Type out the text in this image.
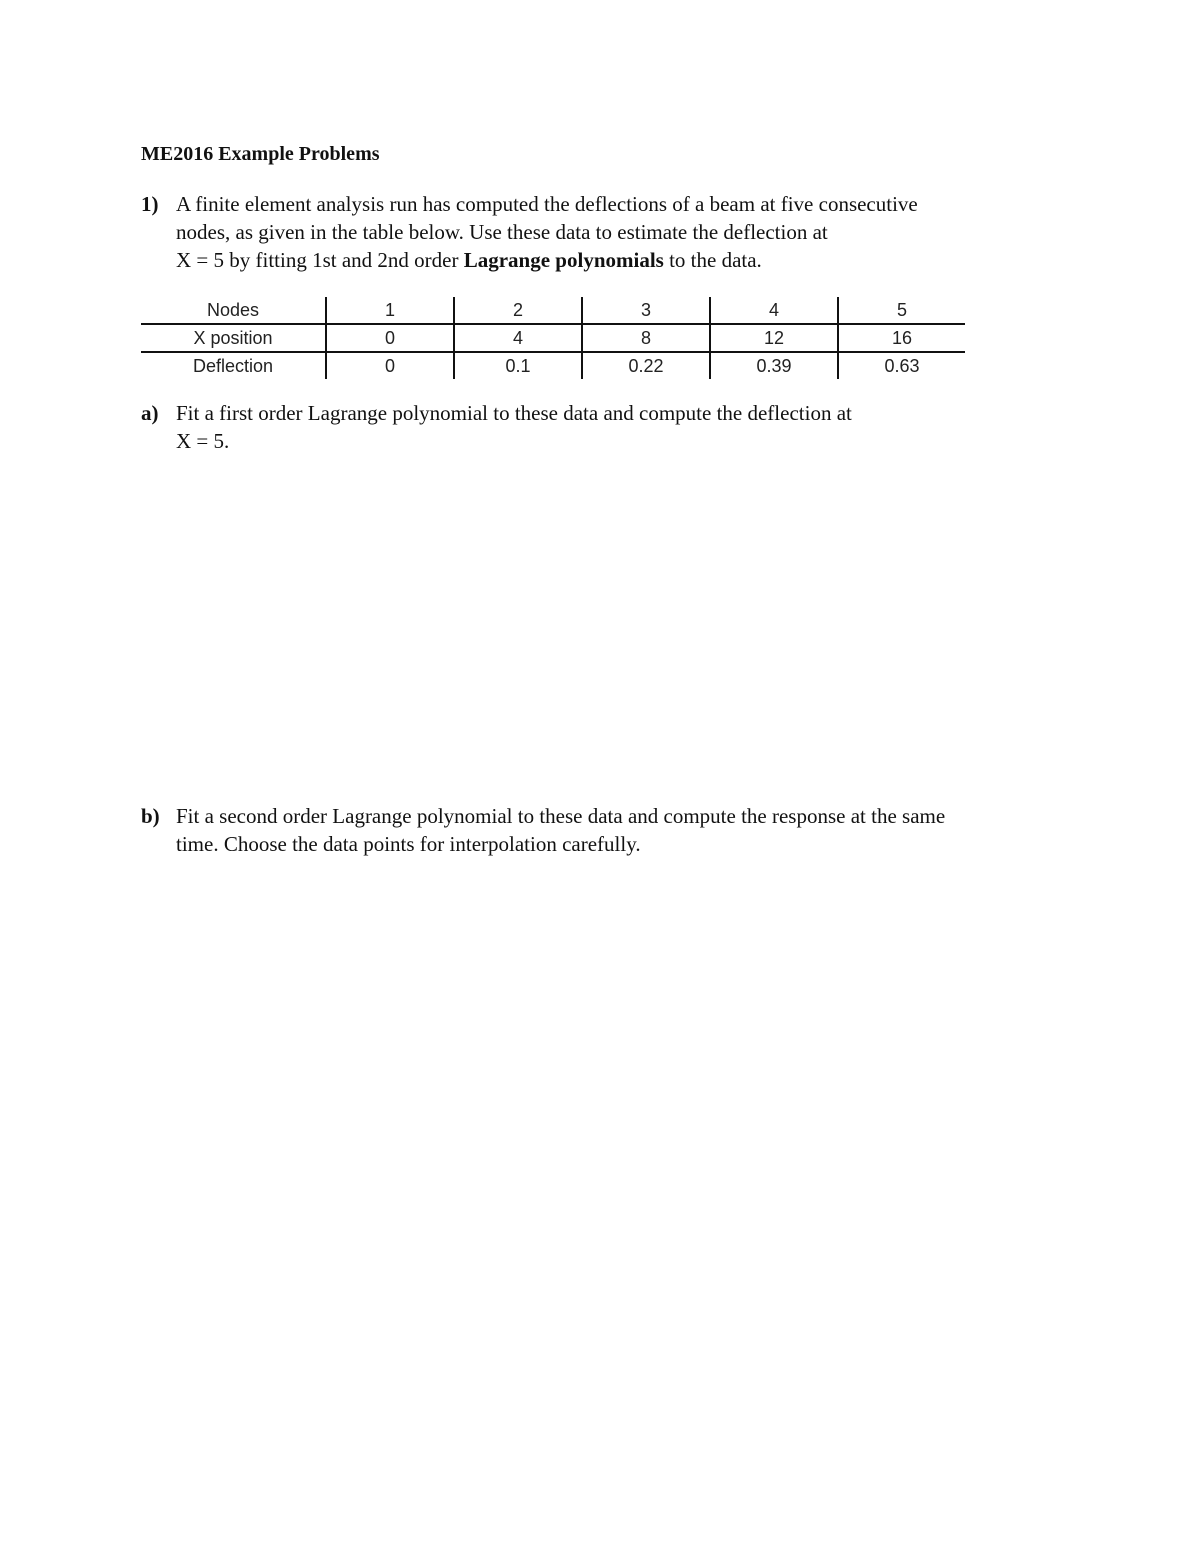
ME2016 Example Problems
1) A finite element analysis run has computed the deflections of a beam at five consecutive
nodes, as given in the table below. Use these data to estimate the deflection at
X = 5 by fitting 1st and 2nd order Lagrange polynomials to the data.
Nodes	1	2	3	4	5
X position	0	4	8	12	16
Deflection	0	0.1	0.22	0.39	0.63
a) Fit a first order Lagrange polynomial to these data and compute the deflection at
X = 5.
b) Fit a second order Lagrange polynomial to these data and compute the response at the same
time. Choose the data points for interpolation carefully.
